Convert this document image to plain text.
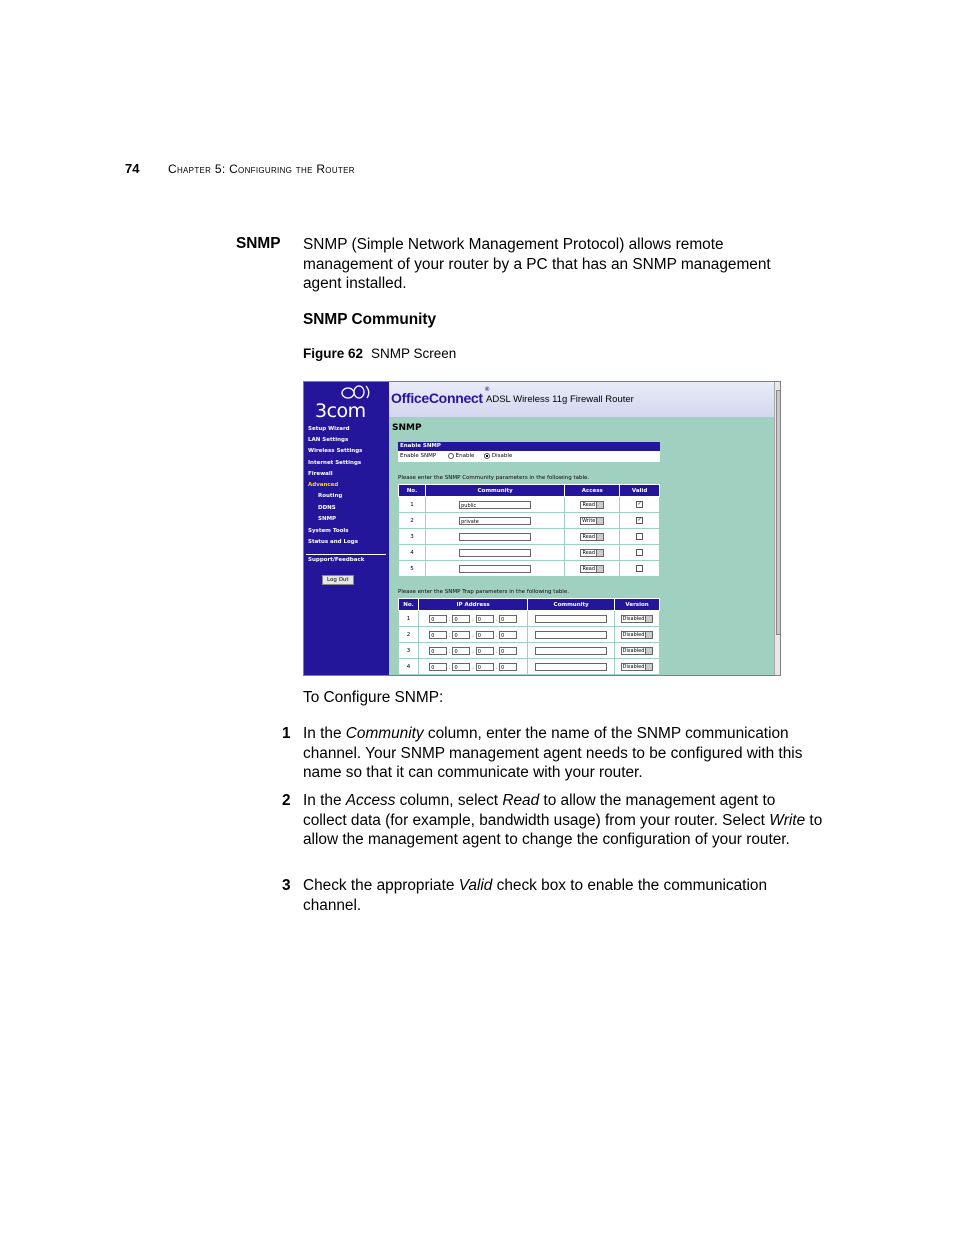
74 Chapter 5: Configuring the Router
SNMP SNMP (Simple Network Management Protocol) allows remote management of your router by a PC that has an SNMP management agent installed.
SNMP Community
Figure 62 SNMP Screen
3com
Setup Wizard
LAN Settings
Wireless Settings
Internet Settings
Firewall
Advanced
Routing
DDNS
SNMP
System Tools
Status and Logs
Support/Feedback
Log Out
OfficeConnect ®
ADSL Wireless 11g Firewall Router
SNMP
Enable SNMP
Enable SNMP	Enable	Disable
Please enter the SNMP Community parameters in the following table.
No.	Community	Access	Valid
1	public	Read	✓
2	private	Write	✓
3		Read	
4		Read	
5		Read	
Please enter the SNMP Trap parameters in the following table.
No.	IP Address	Community	Version
1	0 . 0 . 0 . 0		Disabled
2	0 . 0 . 0 . 0		Disabled
3	0 . 0 . 0 . 0		Disabled
4	0 . 0 . 0 . 0		Disabled
To Configure SNMP:
1 In the Community column, enter the name of the SNMP communication channel. Your SNMP management agent needs to be configured with this name so that it can communicate with your router.
2 In the Access column, select Read to allow the management agent to collect data (for example, bandwidth usage) from your router. Select Write to allow the management agent to change the configuration of your router.
3 Check the appropriate Valid check box to enable the communication channel.
